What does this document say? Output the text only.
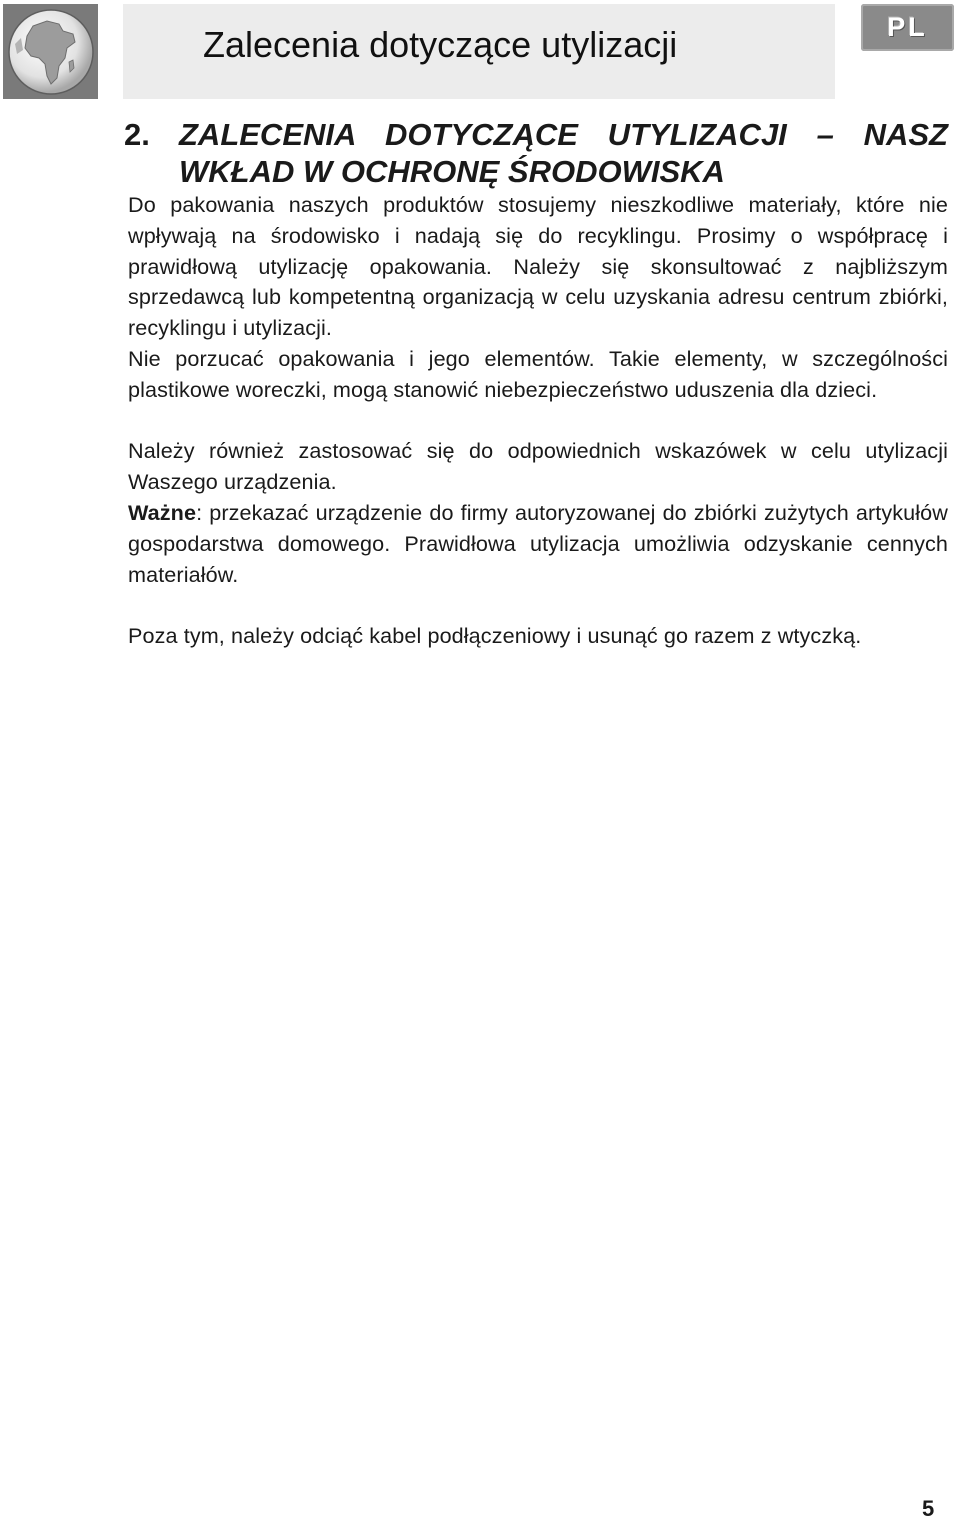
Zalecenia dotyczące utylizacji	PL
2. ZALECENIA DOTYCZĄCE UTYLIZACJI – NASZ WKŁAD W OCHRONĘ ŚRODOWISKA

Do pakowania naszych produktów stosujemy nieszkodliwe materiały, które nie wpływają na środowisko i nadają się do recyklingu. Prosimy o współpracę i prawidłową utylizację opakowania. Należy się skonsultować z najbliższym sprzedawcą lub kompetentną organizacją w celu uzyskania adresu centrum zbiórki, recyklingu i utylizacji.

Nie porzucać opakowania i jego elementów. Takie elementy, w szczególności plastikowe woreczki, mogą stanowić niebezpieczeństwo uduszenia dla dzieci.

Należy również zastosować się do odpowiednich wskazówek w celu utylizacji Waszego urządzenia.

Ważne: przekazać urządzenie do firmy autoryzowanej do zbiórki zużytych artykułów gospodarstwa domowego. Prawidłowa utylizacja umożliwia odzyskanie cennych materiałów.

Poza tym, należy odciąć kabel podłączeniowy i usunąć go razem z wtyczką.

5
